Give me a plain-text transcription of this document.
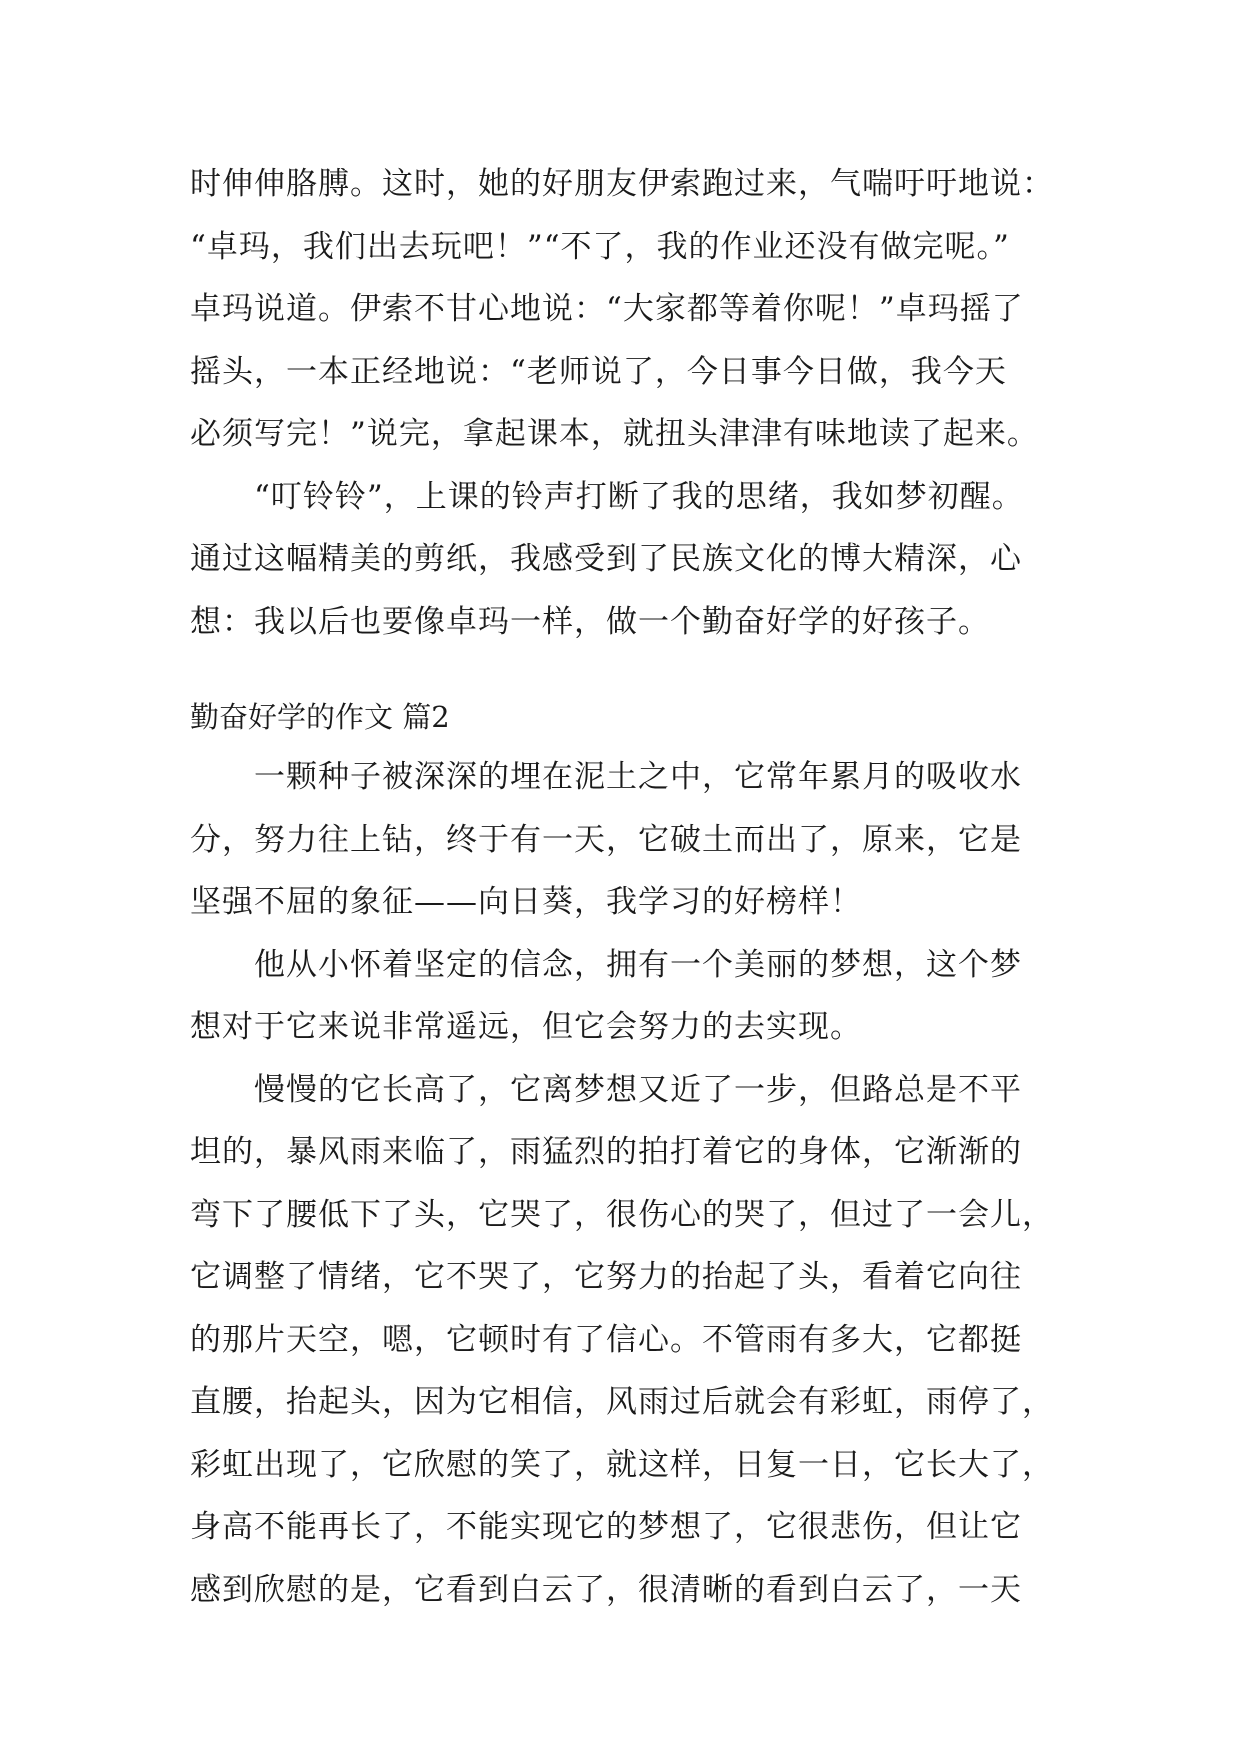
时伸伸胳膊。这时，她的好朋友伊索跑过来，气喘吁吁地说：
“卓玛，我们出去玩吧！”“不了，我的作业还没有做完呢。”
卓玛说道。伊索不甘心地说：“大家都等着你呢！”卓玛摇了
摇头，一本正经地说：“老师说了，今日事今日做，我今天
必须写完！”说完，拿起课本，就扭头津津有味地读了起来。
　　“叮铃铃”，上课的铃声打断了我的思绪，我如梦初醒。
通过这幅精美的剪纸，我感受到了民族文化的博大精深，心
想：我以后也要像卓玛一样，做一个勤奋好学的好孩子。
勤奋好学的作文 篇2
　　一颗种子被深深的埋在泥土之中，它常年累月的吸收水
分，努力往上钻，终于有一天，它破土而出了，原来，它是
坚强不屈的象征——向日葵，我学习的好榜样！
　　他从小怀着坚定的信念，拥有一个美丽的梦想，这个梦
想对于它来说非常遥远，但它会努力的去实现。
　　慢慢的它长高了，它离梦想又近了一步，但路总是不平
坦的，暴风雨来临了，雨猛烈的拍打着它的身体，它渐渐的
弯下了腰低下了头，它哭了，很伤心的哭了，但过了一会儿，
它调整了情绪，它不哭了，它努力的抬起了头，看着它向往
的那片天空，嗯，它顿时有了信心。不管雨有多大，它都挺
直腰，抬起头，因为它相信，风雨过后就会有彩虹，雨停了，
彩虹出现了，它欣慰的笑了，就这样，日复一日，它长大了，
身高不能再长了，不能实现它的梦想了，它很悲伤，但让它
感到欣慰的是，它看到白云了，很清晰的看到白云了，一天
